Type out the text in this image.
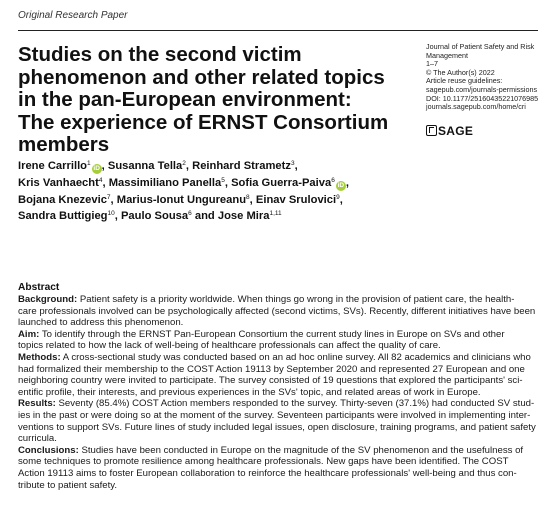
Original Research Paper
Studies on the second victim
phenomenon and other related topics
in the pan-European environment:
The experience of ERNST Consortium
members
Journal of Patient Safety and Risk
Management
1–7
© The Author(s) 2022
Article reuse guidelines:
sagepub.com/journals-permissions
DOI: 10.1177/25160435221076985
journals.sagepub.com/home/cri
SAGE
Irene Carrillo$^1$iD , Susanna Tella$^2$, Reinhard Strametz$^3$,
Kris Vanhaecht$^4$, Massimiliano Panella$^5$, Sofia Guerra-Paiva$^6$iD ,
Bojana Knezevic$^7$, Marius-Ionut Ungureanu$^8$, Einav Srulovici$^9$,
Sandra Buttigieg$^{10}$, Paulo Sousa$^6$ and Jose Mira$^{1,11}$
Abstract
Background: Patient safety is a priority worldwide. When things go wrong in the provision of patient care, the health-
care professionals involved can be psychologically affected (second victims, SVs). Recently, different initiatives have been
launched to address this phenomenon.
Aim: To identify through the ERNST Pan-European Consortium the current study lines in Europe on SVs and other
topics related to how the lack of well-being of healthcare professionals can affect the quality of care.
Methods: A cross-sectional study was conducted based on an ad hoc online survey. All 82 academics and clinicians who
had formalized their membership to the COST Action 19113 by September 2020 and represented 27 European and one
neighboring country were invited to participate. The survey consisted of 19 questions that explored the participants' sci-
entific profile, their interests, and previous experiences in the SVs' topic, and related areas of work in Europe.
Results: Seventy (85.4%) COST Action members responded to the survey. Thirty-seven (37.1%) had conducted SV stud-
ies in the past or were doing so at the moment of the survey. Seventeen participants were involved in implementing inter-
ventions to support SVs. Future lines of study included legal issues, open disclosure, training programs, and patient safety
curricula.
Conclusions: Studies have been conducted in Europe on the magnitude of the SV phenomenon and the usefulness of
some techniques to promote resilience among healthcare professionals. New gaps have been identified. The COST
Action 19113 aims to foster European collaboration to reinforce the healthcare professionals' well-being and thus con-
tribute to patient safety.
